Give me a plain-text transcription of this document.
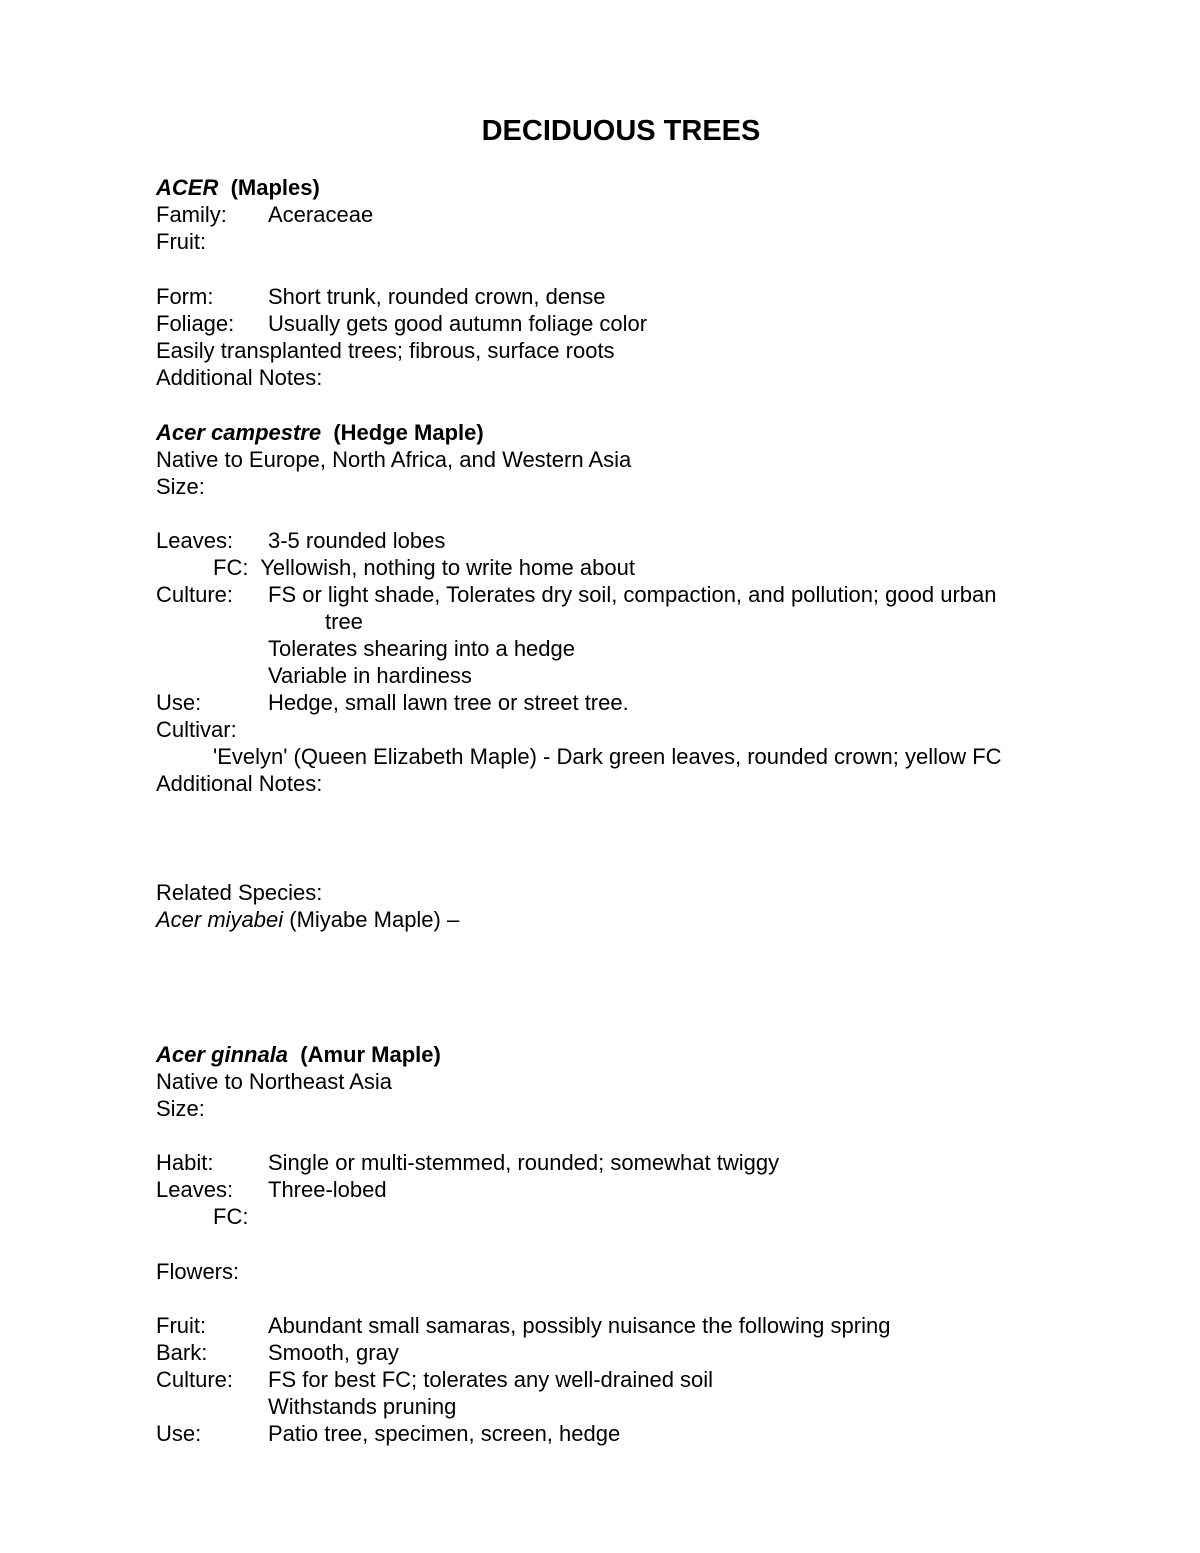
DECIDUOUS TREES
ACER (Maples)
Family: Aceraceae
Fruit:
Form: Short trunk, rounded crown, dense
Foliage: Usually gets good autumn foliage color
Easily transplanted trees; fibrous, surface roots
Additional Notes:
Acer campestre (Hedge Maple)
Native to Europe, North Africa, and Western Asia
Size:
Leaves: 3-5 rounded lobes
FC: Yellowish, nothing to write home about
Culture: FS or light shade, Tolerates dry soil, compaction, and pollution; good urban
tree
Tolerates shearing into a hedge
Variable in hardiness
Use:	Hedge, small lawn tree or street tree.
Cultivar:
'Evelyn' (Queen Elizabeth Maple) - Dark green leaves, rounded crown; yellow FC
Additional Notes:
Related Species:
Acer miyabei (Miyabe Maple) –
Acer ginnala (Amur Maple)
Native to Northeast Asia
Size:
Habit: Single or multi-stemmed, rounded; somewhat twiggy
Leaves: Three-lobed
FC:
Flowers:
Fruit:	Abundant small samaras, possibly nuisance the following spring
Bark:	Smooth, gray
Culture: FS for best FC; tolerates any well-drained soil
Withstands pruning
Use:	Patio tree, specimen, screen, hedge
